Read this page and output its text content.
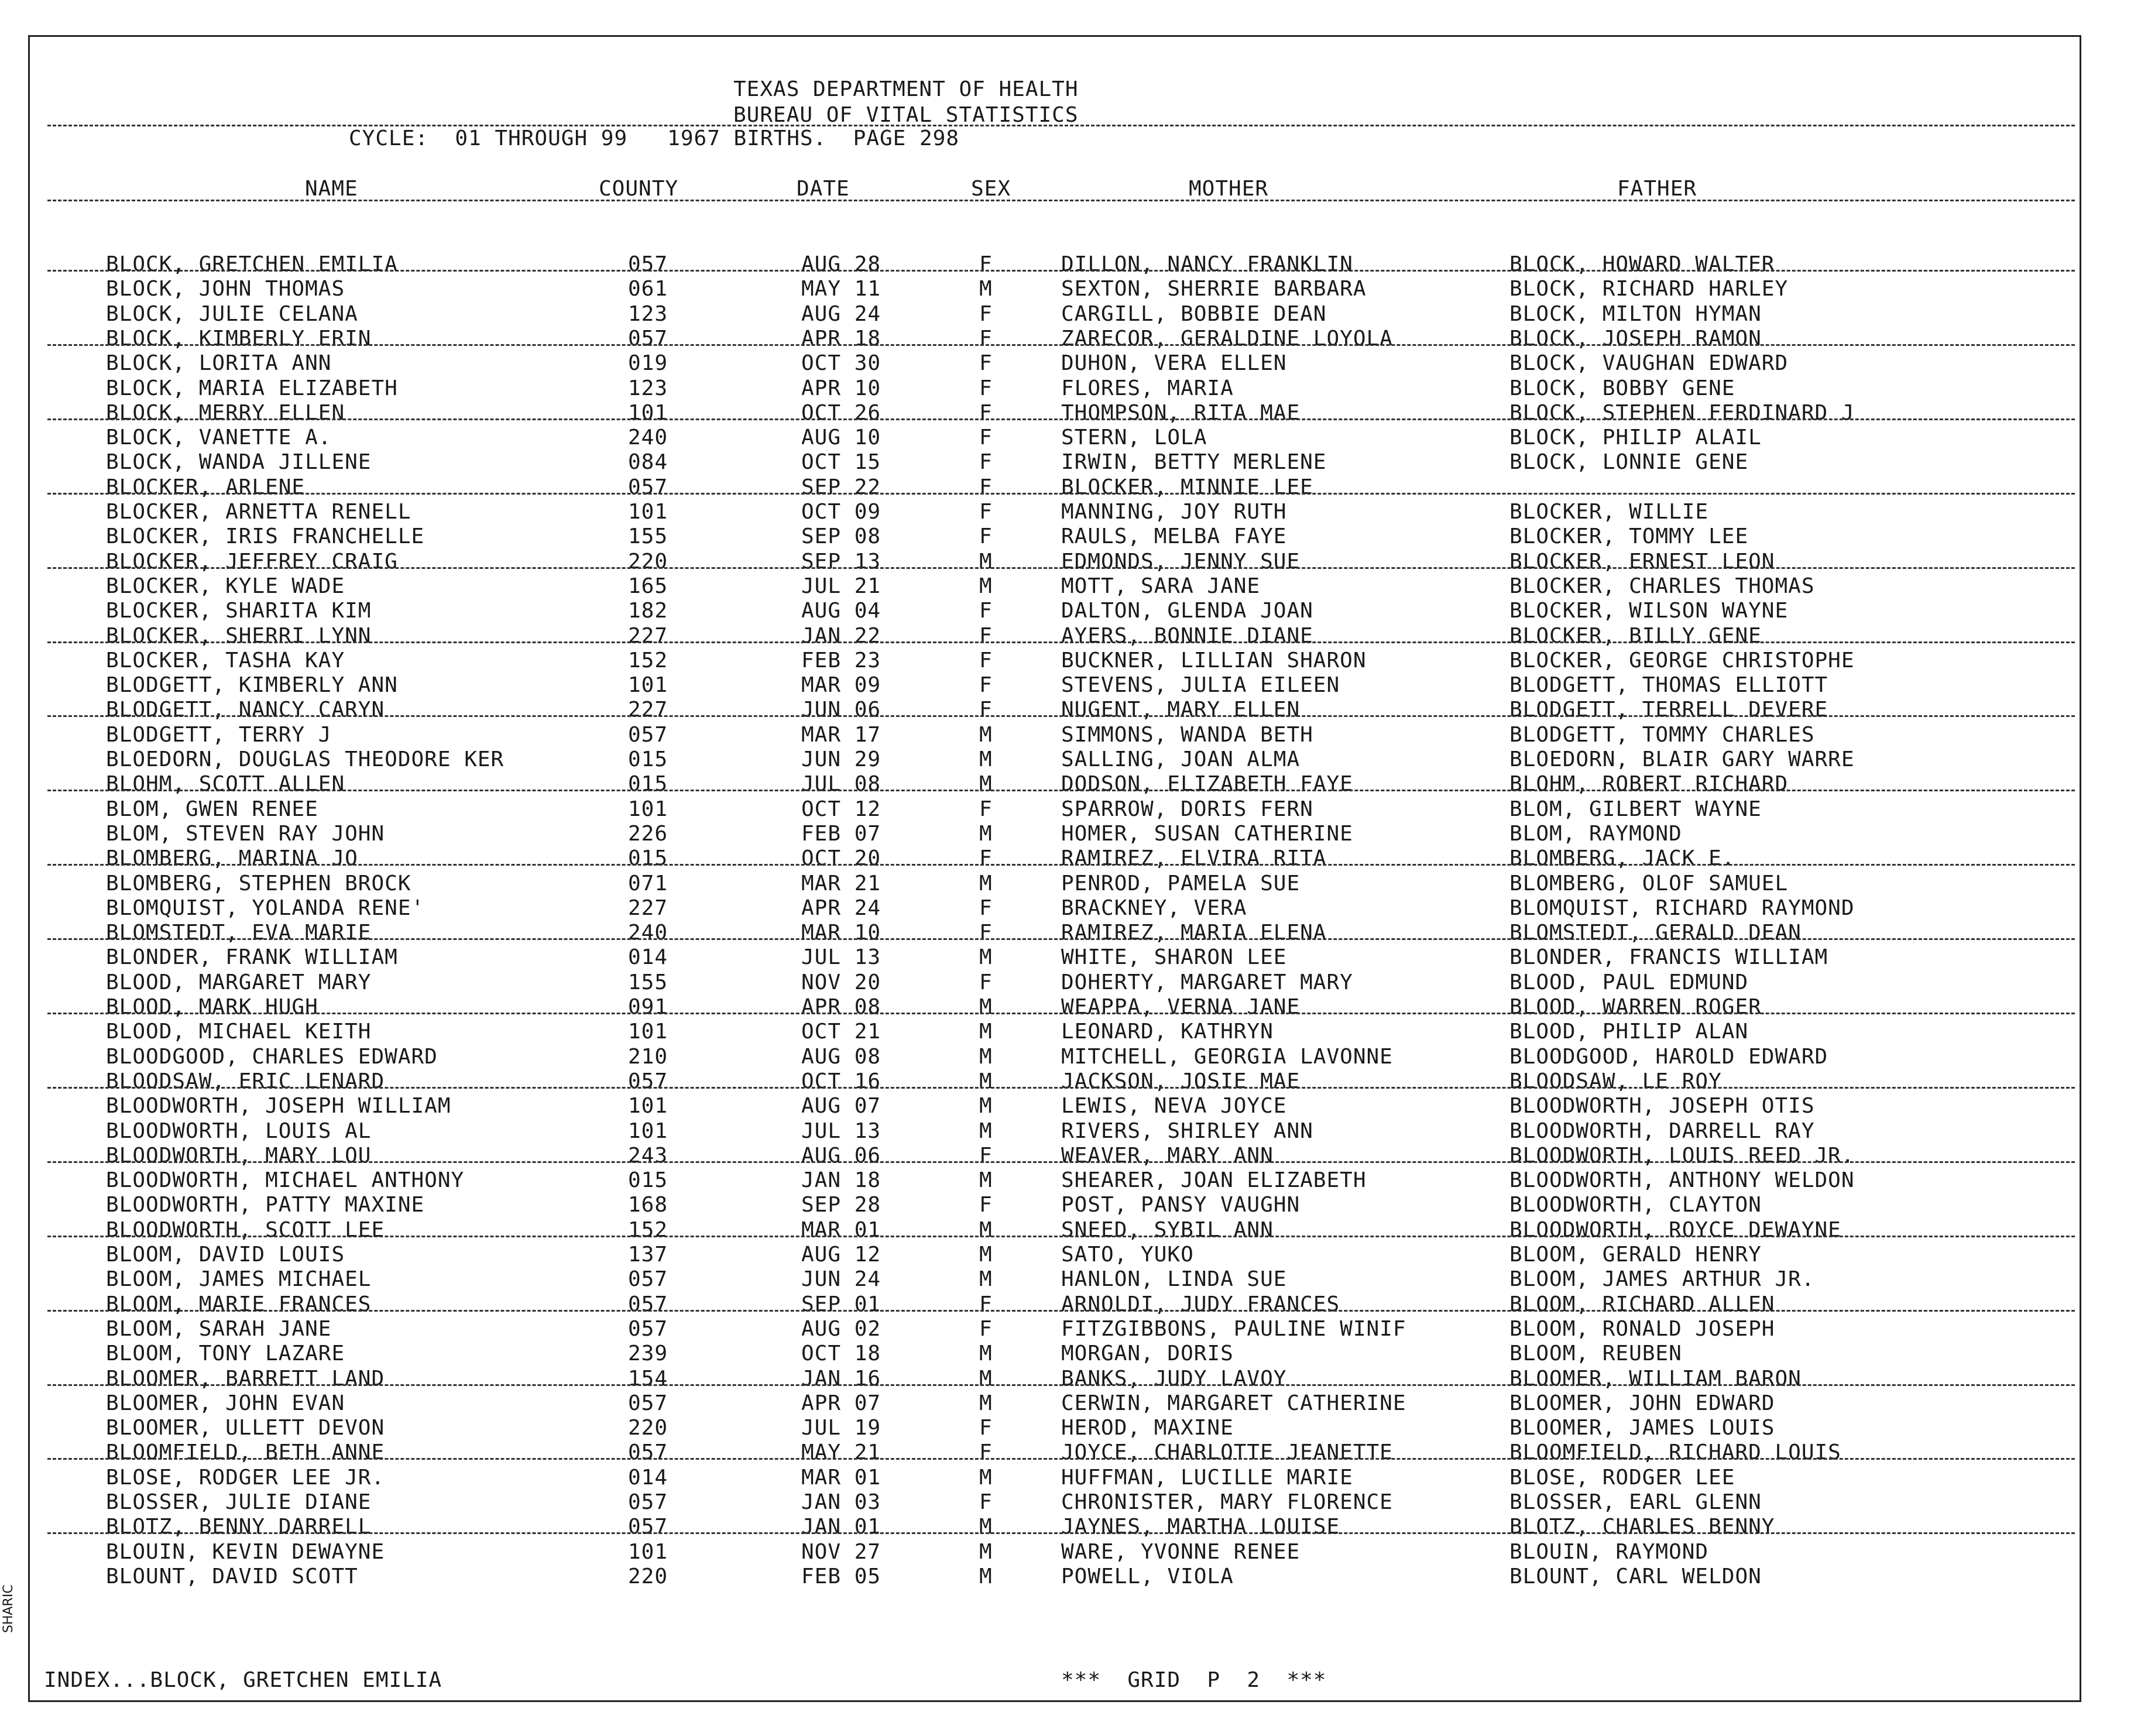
TEXAS DEPARTMENT OF HEALTH
BUREAU OF VITAL STATISTICS
CYCLE:  01 THROUGH 99   1967 BIRTHS.  PAGE 298
NAME	COUNTY	DATE	SEX	MOTHER	FATHER
BLOCK, GRETCHEN EMILIA	057	AUG 28	F	DILLON, NANCY FRANKLIN	BLOCK, HOWARD WALTER
BLOCK, JOHN THOMAS	061	MAY 11	M	SEXTON, SHERRIE BARBARA	BLOCK, RICHARD HARLEY
BLOCK, JULIE CELANA	123	AUG 24	F	CARGILL, BOBBIE DEAN	BLOCK, MILTON HYMAN
BLOCK, KIMBERLY ERIN	057	APR 18	F	ZARECOR, GERALDINE LOYOLA	BLOCK, JOSEPH RAMON
BLOCK, LORITA ANN	019	OCT 30	F	DUHON, VERA ELLEN	BLOCK, VAUGHAN EDWARD
BLOCK, MARIA ELIZABETH	123	APR 10	F	FLORES, MARIA	BLOCK, BOBBY GENE
BLOCK, MERRY ELLEN	101	OCT 26	F	THOMPSON, RITA MAE	BLOCK, STEPHEN FERDINARD J
BLOCK, VANETTE A.	240	AUG 10	F	STERN, LOLA	BLOCK, PHILIP ALAIL
BLOCK, WANDA JILLENE	084	OCT 15	F	IRWIN, BETTY MERLENE	BLOCK, LONNIE GENE
BLOCKER, ARLENE	057	SEP 22	F	BLOCKER, MINNIE LEE
BLOCKER, ARNETTA RENELL	101	OCT 09	F	MANNING, JOY RUTH	BLOCKER, WILLIE
BLOCKER, IRIS FRANCHELLE	155	SEP 08	F	RAULS, MELBA FAYE	BLOCKER, TOMMY LEE
BLOCKER, JEFFREY CRAIG	220	SEP 13	M	EDMONDS, JENNY SUE	BLOCKER, ERNEST LEON
BLOCKER, KYLE WADE	165	JUL 21	M	MOTT, SARA JANE	BLOCKER, CHARLES THOMAS
BLOCKER, SHARITA KIM	182	AUG 04	F	DALTON, GLENDA JOAN	BLOCKER, WILSON WAYNE
BLOCKER, SHERRI LYNN	227	JAN 22	F	AYERS, BONNIE DIANE	BLOCKER, BILLY GENE
BLOCKER, TASHA KAY	152	FEB 23	F	BUCKNER, LILLIAN SHARON	BLOCKER, GEORGE CHRISTOPHE
BLODGETT, KIMBERLY ANN	101	MAR 09	F	STEVENS, JULIA EILEEN	BLODGETT, THOMAS ELLIOTT
BLODGETT, NANCY CARYN	227	JUN 06	F	NUGENT, MARY ELLEN	BLODGETT, TERRELL DEVERE
BLODGETT, TERRY J	057	MAR 17	M	SIMMONS, WANDA BETH	BLODGETT, TOMMY CHARLES
BLOEDORN, DOUGLAS THEODORE KER	015	JUN 29	M	SALLING, JOAN ALMA	BLOEDORN, BLAIR GARY WARRE
BLOHM, SCOTT ALLEN	015	JUL 08	M	DODSON, ELIZABETH FAYE	BLOHM, ROBERT RICHARD
BLOM, GWEN RENEE	101	OCT 12	F	SPARROW, DORIS FERN	BLOM, GILBERT WAYNE
BLOM, STEVEN RAY JOHN	226	FEB 07	M	HOMER, SUSAN CATHERINE	BLOM, RAYMOND
BLOMBERG, MARINA JO	015	OCT 20	F	RAMIREZ, ELVIRA RITA	BLOMBERG, JACK E.
BLOMBERG, STEPHEN BROCK	071	MAR 21	M	PENROD, PAMELA SUE	BLOMBERG, OLOF SAMUEL
BLOMQUIST, YOLANDA RENE'	227	APR 24	F	BRACKNEY, VERA	BLOMQUIST, RICHARD RAYMOND
BLOMSTEDT, EVA MARIE	240	MAR 10	F	RAMIREZ, MARIA ELENA	BLOMSTEDT, GERALD DEAN
BLONDER, FRANK WILLIAM	014	JUL 13	M	WHITE, SHARON LEE	BLONDER, FRANCIS WILLIAM
BLOOD, MARGARET MARY	155	NOV 20	F	DOHERTY, MARGARET MARY	BLOOD, PAUL EDMUND
BLOOD, MARK HUGH	091	APR 08	M	WEAPPA, VERNA JANE	BLOOD, WARREN ROGER
BLOOD, MICHAEL KEITH	101	OCT 21	M	LEONARD, KATHRYN	BLOOD, PHILIP ALAN
BLOODGOOD, CHARLES EDWARD	210	AUG 08	M	MITCHELL, GEORGIA LAVONNE	BLOODGOOD, HAROLD EDWARD
BLOODSAW, ERIC LENARD	057	OCT 16	M	JACKSON, JOSIE MAE	BLOODSAW, LE ROY
BLOODWORTH, JOSEPH WILLIAM	101	AUG 07	M	LEWIS, NEVA JOYCE	BLOODWORTH, JOSEPH OTIS
BLOODWORTH, LOUIS AL	101	JUL 13	M	RIVERS, SHIRLEY ANN	BLOODWORTH, DARRELL RAY
BLOODWORTH, MARY LOU	243	AUG 06	F	WEAVER, MARY ANN	BLOODWORTH, LOUIS REED JR.
BLOODWORTH, MICHAEL ANTHONY	015	JAN 18	M	SHEARER, JOAN ELIZABETH	BLOODWORTH, ANTHONY WELDON
BLOODWORTH, PATTY MAXINE	168	SEP 28	F	POST, PANSY VAUGHN	BLOODWORTH, CLAYTON
BLOODWORTH, SCOTT LEE	152	MAR 01	M	SNEED, SYBIL ANN	BLOODWORTH, ROYCE DEWAYNE
BLOOM, DAVID LOUIS	137	AUG 12	M	SATO, YUKO	BLOOM, GERALD HENRY
BLOOM, JAMES MICHAEL	057	JUN 24	M	HANLON, LINDA SUE	BLOOM, JAMES ARTHUR JR.
BLOOM, MARIE FRANCES	057	SEP 01	F	ARNOLDI, JUDY FRANCES	BLOOM, RICHARD ALLEN
BLOOM, SARAH JANE	057	AUG 02	F	FITZGIBBONS, PAULINE WINIF	BLOOM, RONALD JOSEPH
BLOOM, TONY LAZARE	239	OCT 18	M	MORGAN, DORIS	BLOOM, REUBEN
BLOOMER, BARRETT LAND	154	JAN 16	M	BANKS, JUDY LAVOY	BLOOMER, WILLIAM BARON
BLOOMER, JOHN EVAN	057	APR 07	M	CERWIN, MARGARET CATHERINE	BLOOMER, JOHN EDWARD
BLOOMER, ULLETT DEVON	220	JUL 19	F	HEROD, MAXINE	BLOOMER, JAMES LOUIS
BLOOMFIELD, BETH ANNE	057	MAY 21	F	JOYCE, CHARLOTTE JEANETTE	BLOOMFIELD, RICHARD LOUIS
BLOSE, RODGER LEE JR.	014	MAR 01	M	HUFFMAN, LUCILLE MARIE	BLOSE, RODGER LEE
BLOSSER, JULIE DIANE	057	JAN 03	F	CHRONISTER, MARY FLORENCE	BLOSSER, EARL GLENN
BLOTZ, BENNY DARRELL	057	JAN 01	M	JAYNES, MARTHA LOUISE	BLOTZ, CHARLES BENNY
BLOUIN, KEVIN DEWAYNE	101	NOV 27	M	WARE, YVONNE RENEE	BLOUIN, RAYMOND
BLOUNT, DAVID SCOTT	220	FEB 05	M	POWELL, VIOLA	BLOUNT, CARL WELDON
INDEX...BLOCK, GRETCHEN EMILIA	***  GRID  P  2  ***
SHARIC
